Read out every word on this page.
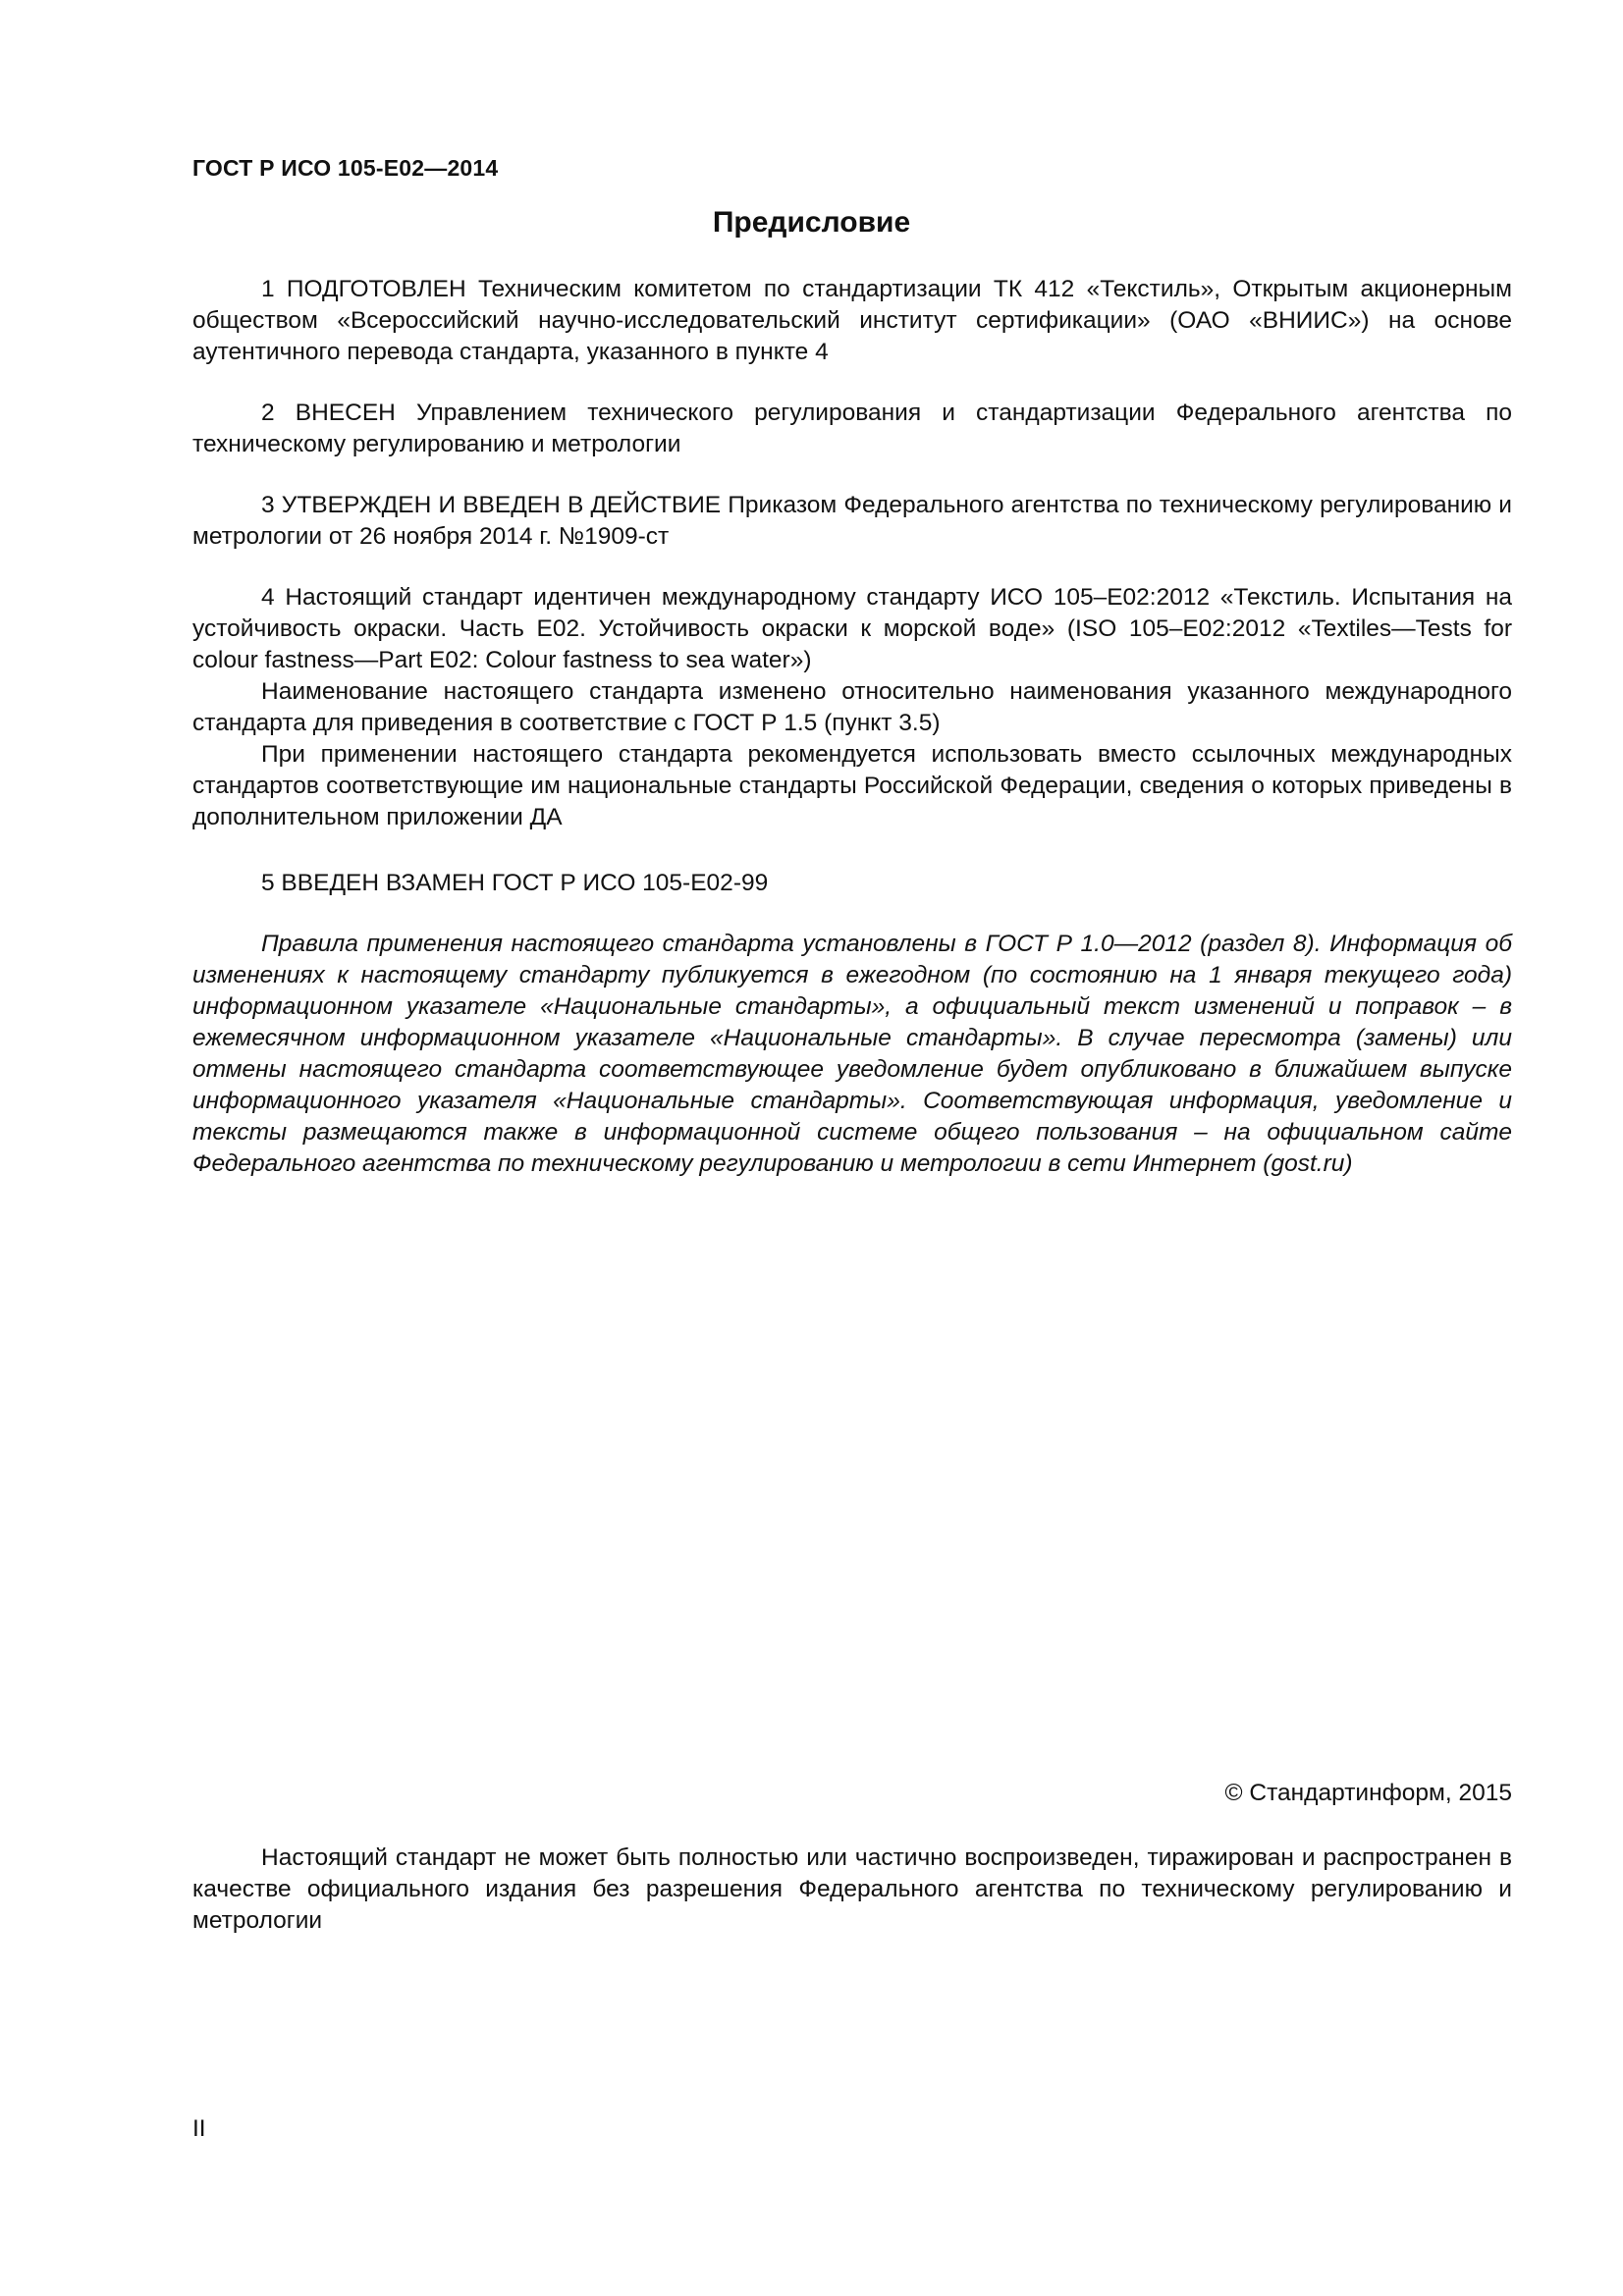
ГОСТ Р ИСО 105-Е02—2014
Предисловие

1 ПОДГОТОВЛЕН Техническим комитетом по стандартизации ТК 412 «Текстиль», Открытым акционерным обществом «Всероссийский научно-исследовательский институт сертификации» (ОАО «ВНИИС») на основе аутентичного перевода стандарта, указанного в пункте 4

2 ВНЕСЕН Управлением технического регулирования и стандартизации Федерального агентства по техническому регулированию и метрологии

3 УТВЕРЖДЕН И ВВЕДЕН В ДЕЙСТВИЕ Приказом Федерального агентства по техническому регулированию и метрологии от 26 ноября 2014 г. №1909-ст

4 Настоящий стандарт идентичен международному стандарту ИСО 105–Е02:2012 «Текстиль. Испытания на устойчивость окраски. Часть Е02. Устойчивость окраски к морской воде» (ISO 105–E02:2012 «Textiles—Tests for colour fastness—Part E02: Colour fastness to sea water»)

Наименование настоящего стандарта изменено относительно наименования указанного международного стандарта для приведения в соответствие с ГОСТ Р 1.5 (пункт 3.5)

При применении настоящего стандарта рекомендуется использовать вместо ссылочных международных стандартов соответствующие им национальные стандарты Российской Федерации, сведения о которых приведены в дополнительном приложении ДА

5 ВВЕДЕН ВЗАМЕН ГОСТ Р ИСО 105-Е02-99

Правила применения настоящего стандарта установлены в ГОСТ Р 1.0—2012 (раздел 8). Информация об изменениях к настоящему стандарту публикуется в ежегодном (по состоянию на 1 января текущего года) информационном указателе «Национальные стандарты», а официальный текст изменений и поправок – в ежемесячном информационном указателе «Национальные стандарты». В случае пересмотра (замены) или отмены настоящего стандарта соответствующее уведомление будет опубликовано в ближайшем выпуске информационного указателя «Национальные стандарты». Соответствующая информация, уведомление и тексты размещаются также в информационной системе общего пользования – на официальном сайте Федерального агентства по техническому регулированию и метрологии в сети Интернет (gost.ru)

© Стандартинформ, 2015

Настоящий стандарт не может быть полностью или частично воспроизведен, тиражирован и распространен в качестве официального издания без разрешения Федерального агентства по техническому регулированию и метрологии

II
